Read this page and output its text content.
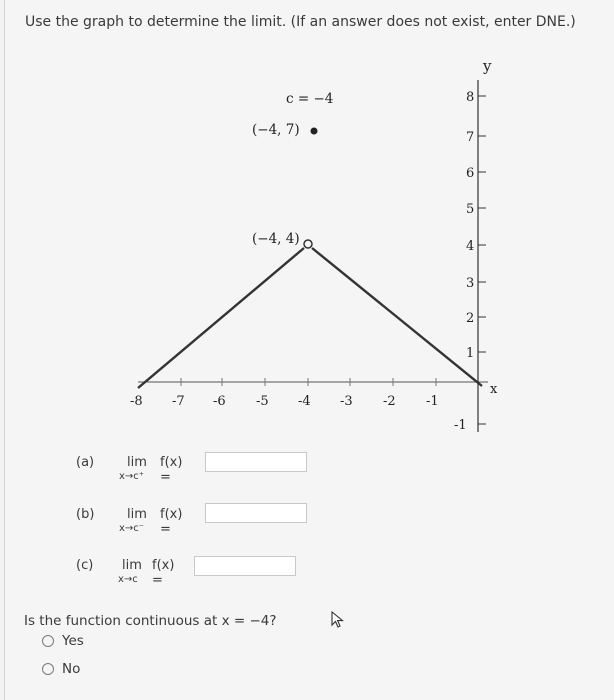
Use the graph to determine the limit. (If an answer does not exist, enter DNE.)
y
x
-8 -7 -6 -5 -4 -3 -2 -1
8
7
6
5
4
3
2
1
-1
c = −4
(−4, 7)
(−4, 4)
(a)	lim
x→c⁺
f(x) =
(b)	lim
x→c⁻
f(x) =
(c) lim
x→c
f(x) =
Is the function continuous at x = −4?
Yes
No
